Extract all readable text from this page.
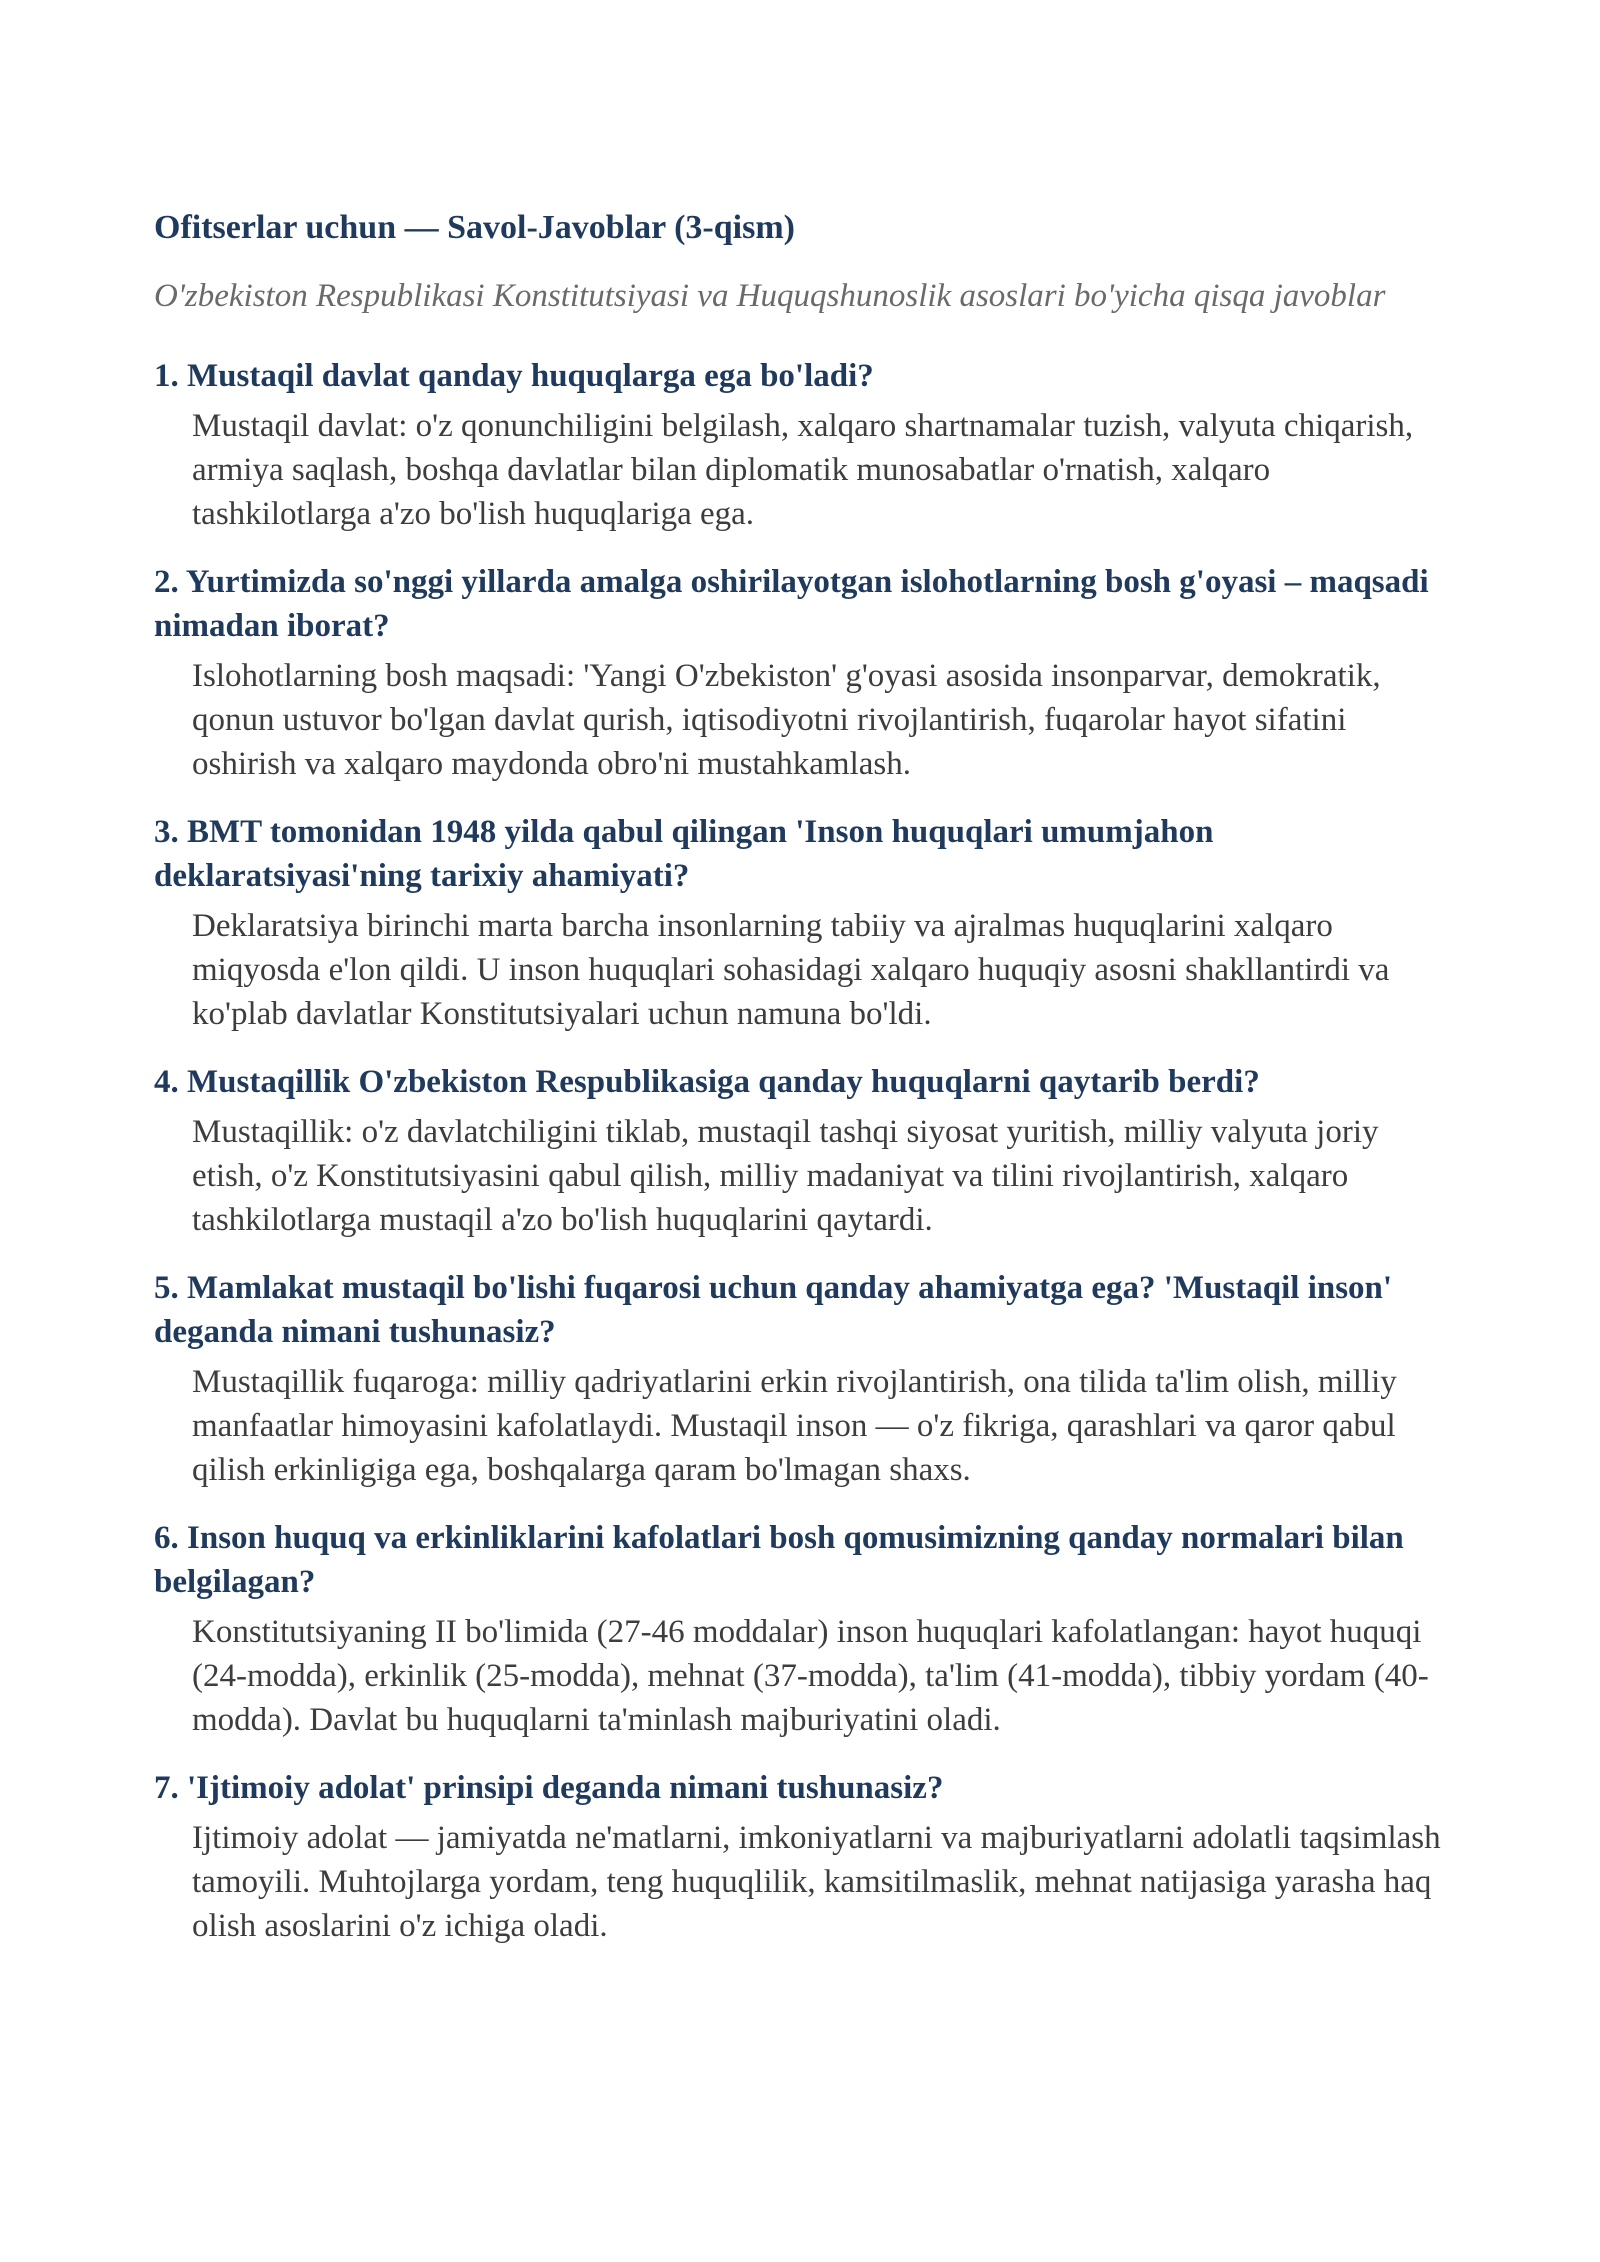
Ofitserlar uchun — Savol-Javoblar (3-qism)

O'zbekiston Respublikasi Konstitutsiyasi va Huquqshunoslik asoslari bo'yicha qisqa javoblar

1. Mustaqil davlat qanday huquqlarga ega bo'ladi?

Mustaqil davlat: o'z qonunchiligini belgilash, xalqaro shartnamalar tuzish, valyuta chiqarish, armiya saqlash, boshqa davlatlar bilan diplomatik munosabatlar o'rnatish, xalqaro tashkilotlarga a'zo bo'lish huquqlariga ega.

2. Yurtimizda so'nggi yillarda amalga oshirilayotgan islohotlarning bosh g'oyasi – maqsadi nimadan iborat?

Islohotlarning bosh maqsadi: 'Yangi O'zbekiston' g'oyasi asosida insonparvar, demokratik, qonun ustuvor bo'lgan davlat qurish, iqtisodiyotni rivojlantirish, fuqarolar hayot sifatini oshirish va xalqaro maydonda obro'ni mustahkamlash.

3. BMT tomonidan 1948 yilda qabul qilingan 'Inson huquqlari umumjahon deklaratsiyasi'ning tarixiy ahamiyati?

Deklaratsiya birinchi marta barcha insonlarning tabiiy va ajralmas huquqlarini xalqaro miqyosda e'lon qildi. U inson huquqlari sohasidagi xalqaro huquqiy asosni shakllantirdi va ko'plab davlatlar Konstitutsiyalari uchun namuna bo'ldi.

4. Mustaqillik O'zbekiston Respublikasiga qanday huquqlarni qaytarib berdi?

Mustaqillik: o'z davlatchiligini tiklab, mustaqil tashqi siyosat yuritish, milliy valyuta joriy etish, o'z Konstitutsiyasini qabul qilish, milliy madaniyat va tilini rivojlantirish, xalqaro tashkilotlarga mustaqil a'zo bo'lish huquqlarini qaytardi.

5. Mamlakat mustaqil bo'lishi fuqarosi uchun qanday ahamiyatga ega? 'Mustaqil inson' deganda nimani tushunasiz?

Mustaqillik fuqaroga: milliy qadriyatlarini erkin rivojlantirish, ona tilida ta'lim olish, milliy manfaatlar himoyasini kafolatlaydi. Mustaqil inson — o'z fikriga, qarashlari va qaror qabul qilish erkinligiga ega, boshqalarga qaram bo'lmagan shaxs.

6. Inson huquq va erkinliklarini kafolatlari bosh qomusimizning qanday normalari bilan belgilagan?

Konstitutsiyaning II bo'limida (27-46 moddalar) inson huquqlari kafolatlangan: hayot huquqi (24-modda), erkinlik (25-modda), mehnat (37-modda), ta'lim (41-modda), tibbiy yordam (40-modda). Davlat bu huquqlarni ta'minlash majburiyatini oladi.

7. 'Ijtimoiy adolat' prinsipi deganda nimani tushunasiz?

Ijtimoiy adolat — jamiyatda ne'matlarni, imkoniyatlarni va majburiyatlarni adolatli taqsimlash tamoyili. Muhtojlarga yordam, teng huquqlilik, kamsitilmaslik, mehnat natijasiga yarasha haq olish asoslarini o'z ichiga oladi.
